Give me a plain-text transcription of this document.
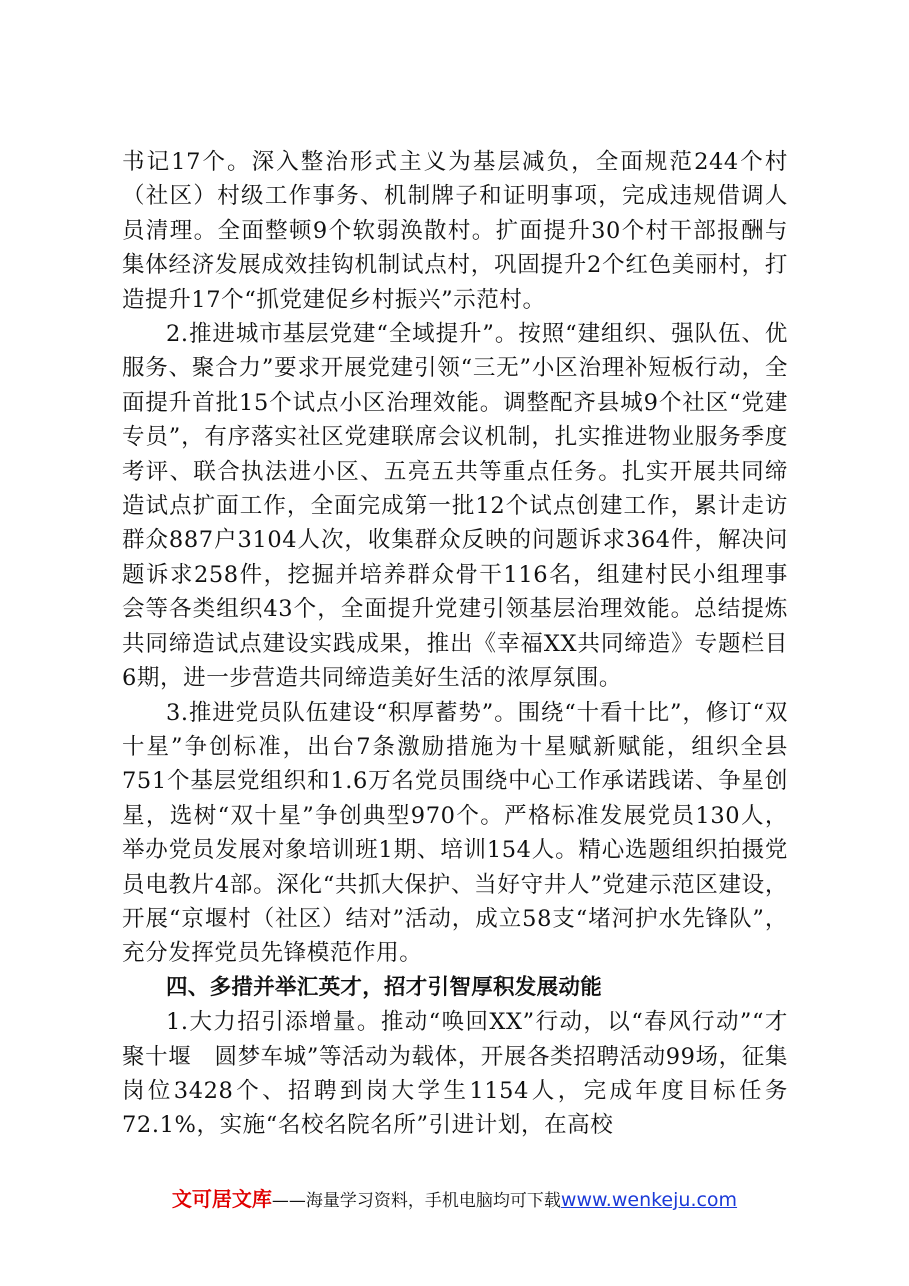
书记17个。深入整治形式主义为基层减负，全面规范244个村（社区）村级工作事务、机制牌子和证明事项，完成违规借调人员清理。全面整顿9个软弱涣散村。扩面提升30个村干部报酬与集体经济发展成效挂钩机制试点村，巩固提升2个红色美丽村，打造提升17个“抓党建促乡村振兴”示范村。

2.推进城市基层党建“全域提升”。按照“建组织、强队伍、优服务、聚合力”要求开展党建引领“三无”小区治理补短板行动，全面提升首批15个试点小区治理效能。调整配齐县城9个社区“党建专员”，有序落实社区党建联席会议机制，扎实推进物业服务季度考评、联合执法进小区、五亮五共等重点任务。扎实开展共同缔造试点扩面工作，全面完成第一批12个试点创建工作，累计走访群众887户3104人次，收集群众反映的问题诉求364件，解决问题诉求258件，挖掘并培养群众骨干116名，组建村民小组理事会等各类组织43个，全面提升党建引领基层治理效能。总结提炼共同缔造试点建设实践成果，推出《幸福XX共同缔造》专题栏目6期，进一步营造共同缔造美好生活的浓厚氛围。

3.推进党员队伍建设“积厚蓄势”。围绕“十看十比”，修订“双十星”争创标准，出台7条激励措施为十星赋新赋能，组织全县751个基层党组织和1.6万名党员围绕中心工作承诺践诺、争星创星，选树“双十星”争创典型970个。严格标准发展党员130人，举办党员发展对象培训班1期、培训154人。精心选题组织拍摄党员电教片4部。深化“共抓大保护、当好守井人”党建示范区建设，开展“京堰村（社区）结对”活动，成立58支“堵河护水先锋队”，充分发挥党员先锋模范作用。

四、多措并举汇英才，招才引智厚积发展动能

1.大力招引添增量。推动“唤回XX”行动，以“春风行动”“才聚十堰　圆梦车城”等活动为载体，开展各类招聘活动99场，征集岗位3428个、招聘到岗大学生1154人，完成年度目标任务72.1%，实施“名校名院名所”引进计划，在高校

文可居文库——海量学习资料，手机电脑均可下载www.wenkeju.com
